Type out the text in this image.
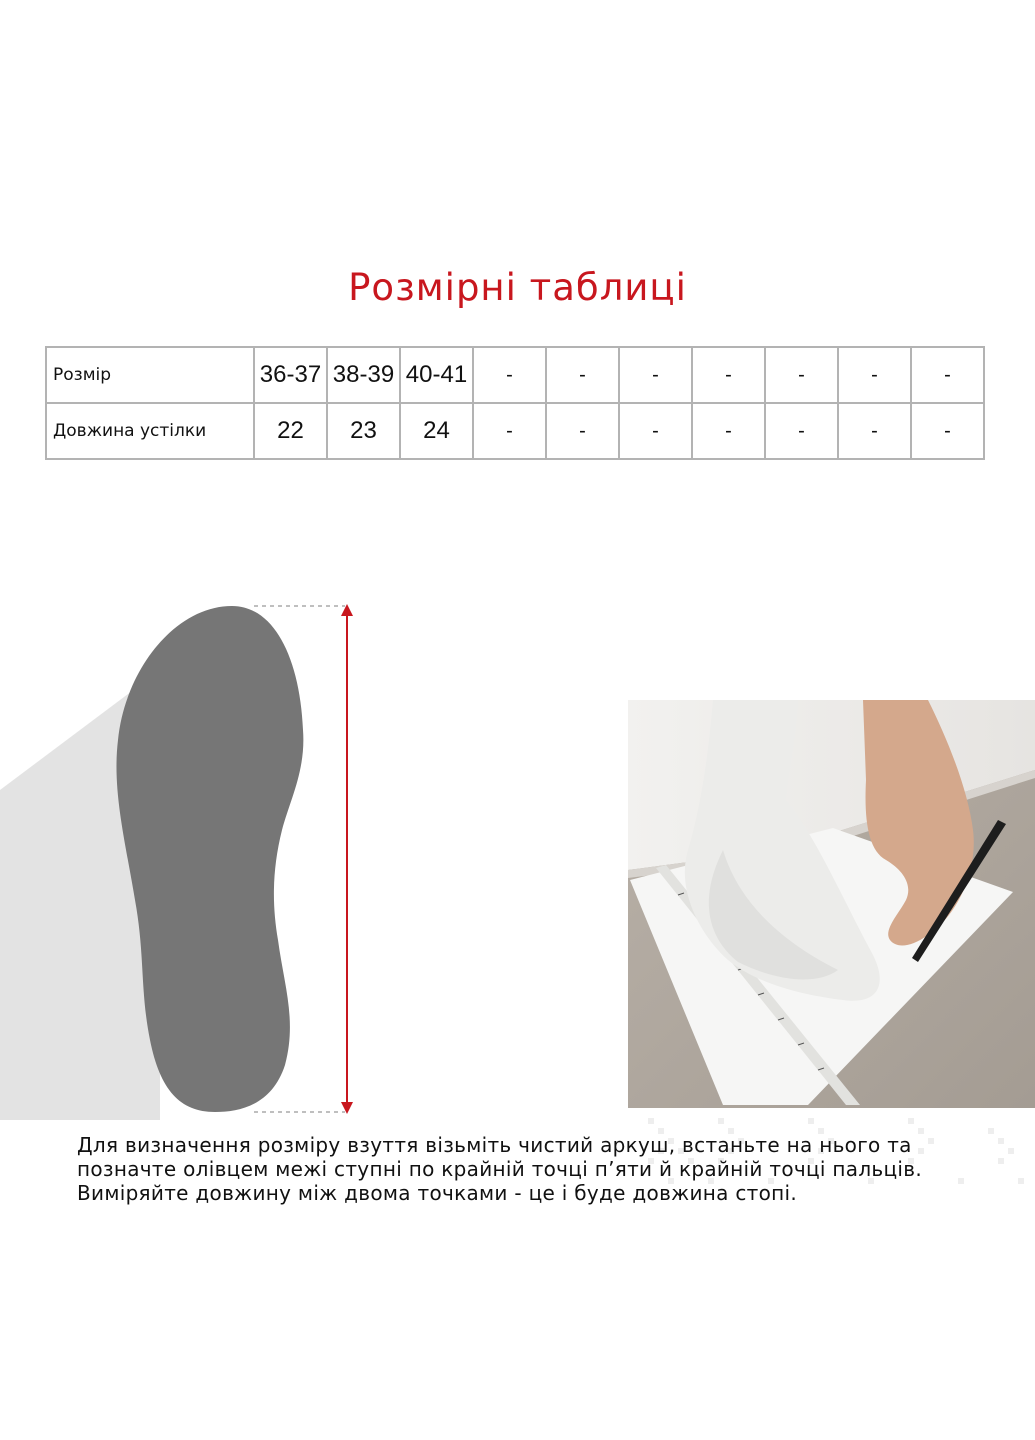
Розмірні таблиці
Розмір	36-37	38-39	40-41	-	-	-	-	-	-	-
Довжина устілки	22	23	24	-	-	-	-	-	-	-
Для визначення розміру взуття візьміть чистий аркуш, встаньте на нього та
позначте олівцем межі ступні по крайній точці п’яти й крайній точці пальців.
Виміряйте довжину між двома точками - це і буде довжина стопі.
